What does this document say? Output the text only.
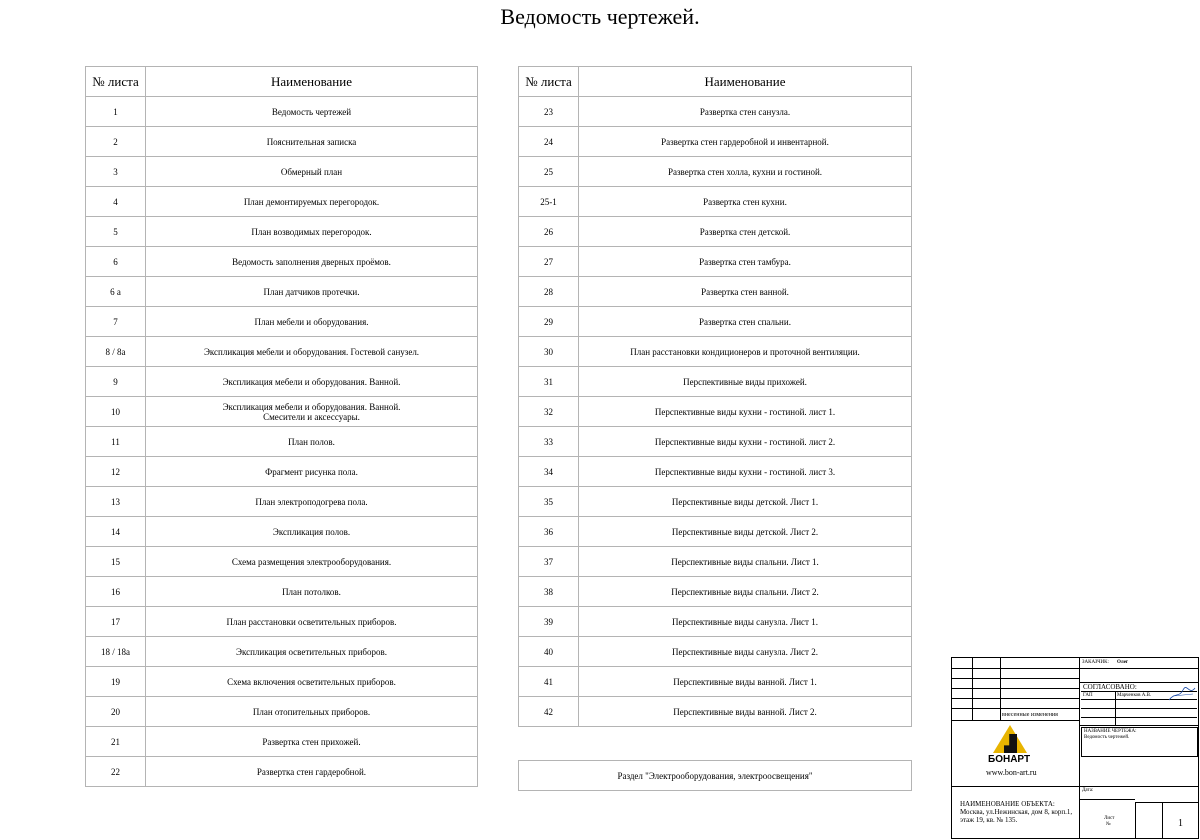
Ведомость чертежей.
№ листа	Наименование
1	Ведомость чертежей
2	Пояснительная записка
3	Обмерный план
4	План демонтируемых перегородок.
5	План возводимых перегородок.
6	Ведомость заполнения дверных проёмов.
6 а	План датчиков протечки.
7	План мебели и оборудования.
8 / 8а	Экспликация мебели и оборудования. Гостевой санузел.
9	Экспликация мебели и оборудования. Ванной.
10	Экспликация мебели и оборудования. Ванной.
Смесители и аксессуары.
11	План полов.
12	Фрагмент рисунка пола.
13	План электроподогрева пола.
14	Экспликация полов.
15	Схема размещения электрооборудования.
16	План потолков.
17	План расстановки осветительных приборов.
18 / 18а	Экспликация осветительных приборов.
19	Схема включения осветительных приборов.
20	План отопительных приборов.
21	Развертка стен прихожей.
22	Развертка стен гардеробной.
№ листа	Наименование
23	Развертка стен санузла.
24	Развертка стен гардеробной и инвентарной.
25	Развертка стен холла, кухни и гостиной.
25-1	Развертка стен кухни.
26	Развертка стен детской.
27	Развертка стен тамбура.
28	Развертка стен ванной.
29	Развертка стен спальни.
30	План расстановки кондиционеров и проточной вентиляции.
31	Перспективные виды прихожей.
32	Перспективные виды кухни - гостиной. лист 1.
33	Перспективные виды кухни - гостиной. лист 2.
34	Перспективные виды кухни - гостиной. лист 3.
35	Перспективные виды детской. Лист 1.
36	Перспективные виды детской. Лист 2.
37	Перспективные виды спальни. Лист 1.
38	Перспективные виды спальни. Лист 2.
39	Перспективные виды санузла. Лист 1.
40	Перспективные виды санузла. Лист 2.
41	Перспективные виды ванной. Лист 1.
42	Перспективные виды ванной. Лист 2.
Раздел "Электрооборудования, электроосвещения"
ЗАКАЗЧИК: Олег
СОГЛАСОВАНО:
ГАП	Марченков А.В.
внесенные изменения
НАЗВАНИЕ ЧЕРТЕЖА:
Ведомость чертежей.
БОНАРТ
www.bon-art.ru
Дата:
НАИМЕНОВАНИЕ ОБЪЕКТА:
Москва, ул.Нежинская, дом 8, корп.1,
этаж 19, кв. № 135.	Лист
№	1
